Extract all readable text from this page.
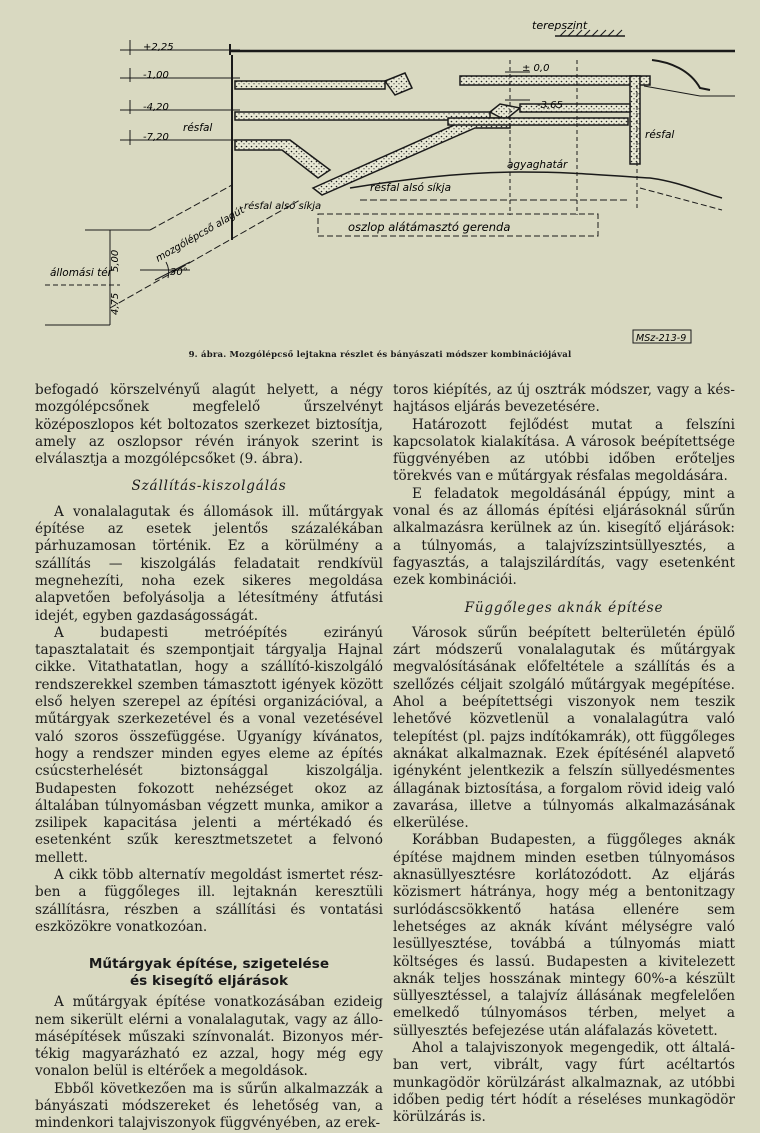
terepszint
+2,25
-1,00
-4,20
-7,20
± 0,0
-3,65
résfal
résfal
agyaghatár
résfal alsó síkja
oszlop alátámasztó gerenda
résfal alsó síkja
30°
mozgólépcső alagút
állomási tér
5,00
4,75
MSz-213-9
9. ábra. Mozgólépcső lejtakna részlet és bányászati módszer kombinációjával

befogadó körszelvényű alagút helyett, a négy mozgólépcsőnek megfelelő űrszelvényt középoszlopos két boltozatos szerkezet biztosítja, amely az oszlopsor révén irányok szerint is elválasztja a mozgólépcsőket (9. ábra).

Szállítás-kiszolgálás

A vonalalagutak és állomások ill. műtárgyak építése az esetek jelentős százalékában párhuzamosan történik. Ez a körülmény a szállítás — kiszolgálás feladatait rendkívül megnehezíti, noha ezek sikeres megoldása alapvetően befolyásolja a létesítmény átfutási idejét, egyben gazdaságosságát.

A budapesti metróépítés ezirányú tapasztalatait és szempontjait tárgyalja Hajnal cikke. Vitathatatlan, hogy a szállító-kiszolgáló rendszerekkel szemben támasztott igények között első helyen szerepel az építési organizációval, a műtárgyak szerkezetével és a vonal vezetésével való szoros összefüggése. Ugyanígy kívánatos, hogy a rendszer minden egyes eleme az építés csúcsterhelését biztonsággal kiszolgálja. Budapesten fokozott nehézséget okoz az általában túlnyomásban végzett munka, amikor a zsilipek kapacitása jelenti a mértékadó és esetenként szűk keresztmetszetet a felvonó mellett.

A cikk több alternatív megoldást ismertet részben a függőleges ill. lejtaknán keresztüli szállításra, részben a szállítási és vontatási eszközökre vonatkozóan.

Műtárgyak építése, szigetelése
és kisegítő eljárások

A műtárgyak építése vonatkozásában ezideig nem sikerült elérni a vonalalagutak, vagy az állomásépítések műszaki színvonalát. Bizonyos mértékig magyarázható ez azzal, hogy még egy vonalon belül is eltérőek a megoldások.

Ebből következően ma is sűrűn alkalmazzák a bányászati módszereket és lehetőség van, a mindenkori talajviszonyok függvényében, az erek-

toros kiépítés, az új osztrák módszer, vagy a késhajtásos eljárás bevezetésére.

Határozott fejlődést mutat a felszíni kapcsolatok kialakítása. A városok beépítettsége függvényében az utóbbi időben erőteljes törekvés van e műtárgyak résfalas megoldására.

E feladatok megoldásánál éppúgy, mint a vonal és az állomás építési eljárásoknál sűrűn alkalmazásra kerülnek az ún. kisegítő eljárások: a túlnyomás, a talajvízszintsüllyesztés, a fagyasztás, a talajszilárdítás, vagy esetenként ezek kombinációi.

Függőleges aknák építése

Városok sűrűn beépített belterületén épülő zárt módszerű vonalalagutak és műtárgyak megvalósításának előfeltétele a szállítás és a szellőzés céljait szolgáló műtárgyak megépítése. Ahol a beépítettségi viszonyok nem teszik lehetővé közvetlenül a vonalalagútra való telepítést (pl. pajzs indítókamrák), ott függőleges aknákat alkalmaznak. Ezek építésénél alapvető igényként jelentkezik a felszín süllyedésmentes állagának biztosítása, a forgalom rövid ideig való zavarása, illetve a túlnyomás alkalmazásának elkerülése.

Korábban Budapesten, a függőleges aknák építése majdnem minden esetben túlnyomásos aknasüllyesztésre korlátozódott. Az eljárás közismert hátránya, hogy még a bentonitzagy surlódáscsökkentő hatása ellenére sem lehetséges az aknák kívánt mélységre való lesüllyesztése, továbbá a túlnyomás miatt költséges és lassú. Budapesten a kivitelezett aknák teljes hosszának mintegy 60%-a készült süllyesztéssel, a talajvíz állásának megfelelően emelkedő túlnyomásos térben, melyet a süllyesztés befejezése után aláfalazás követett.

Ahol a talajviszonyok megengedik, ott általában vert, vibrált, vagy fúrt acéltartós munkagödör körülzárást alkalmaznak, az utóbbi időben pedig tért hódít a réseléses munkagödör körülzárás is.
